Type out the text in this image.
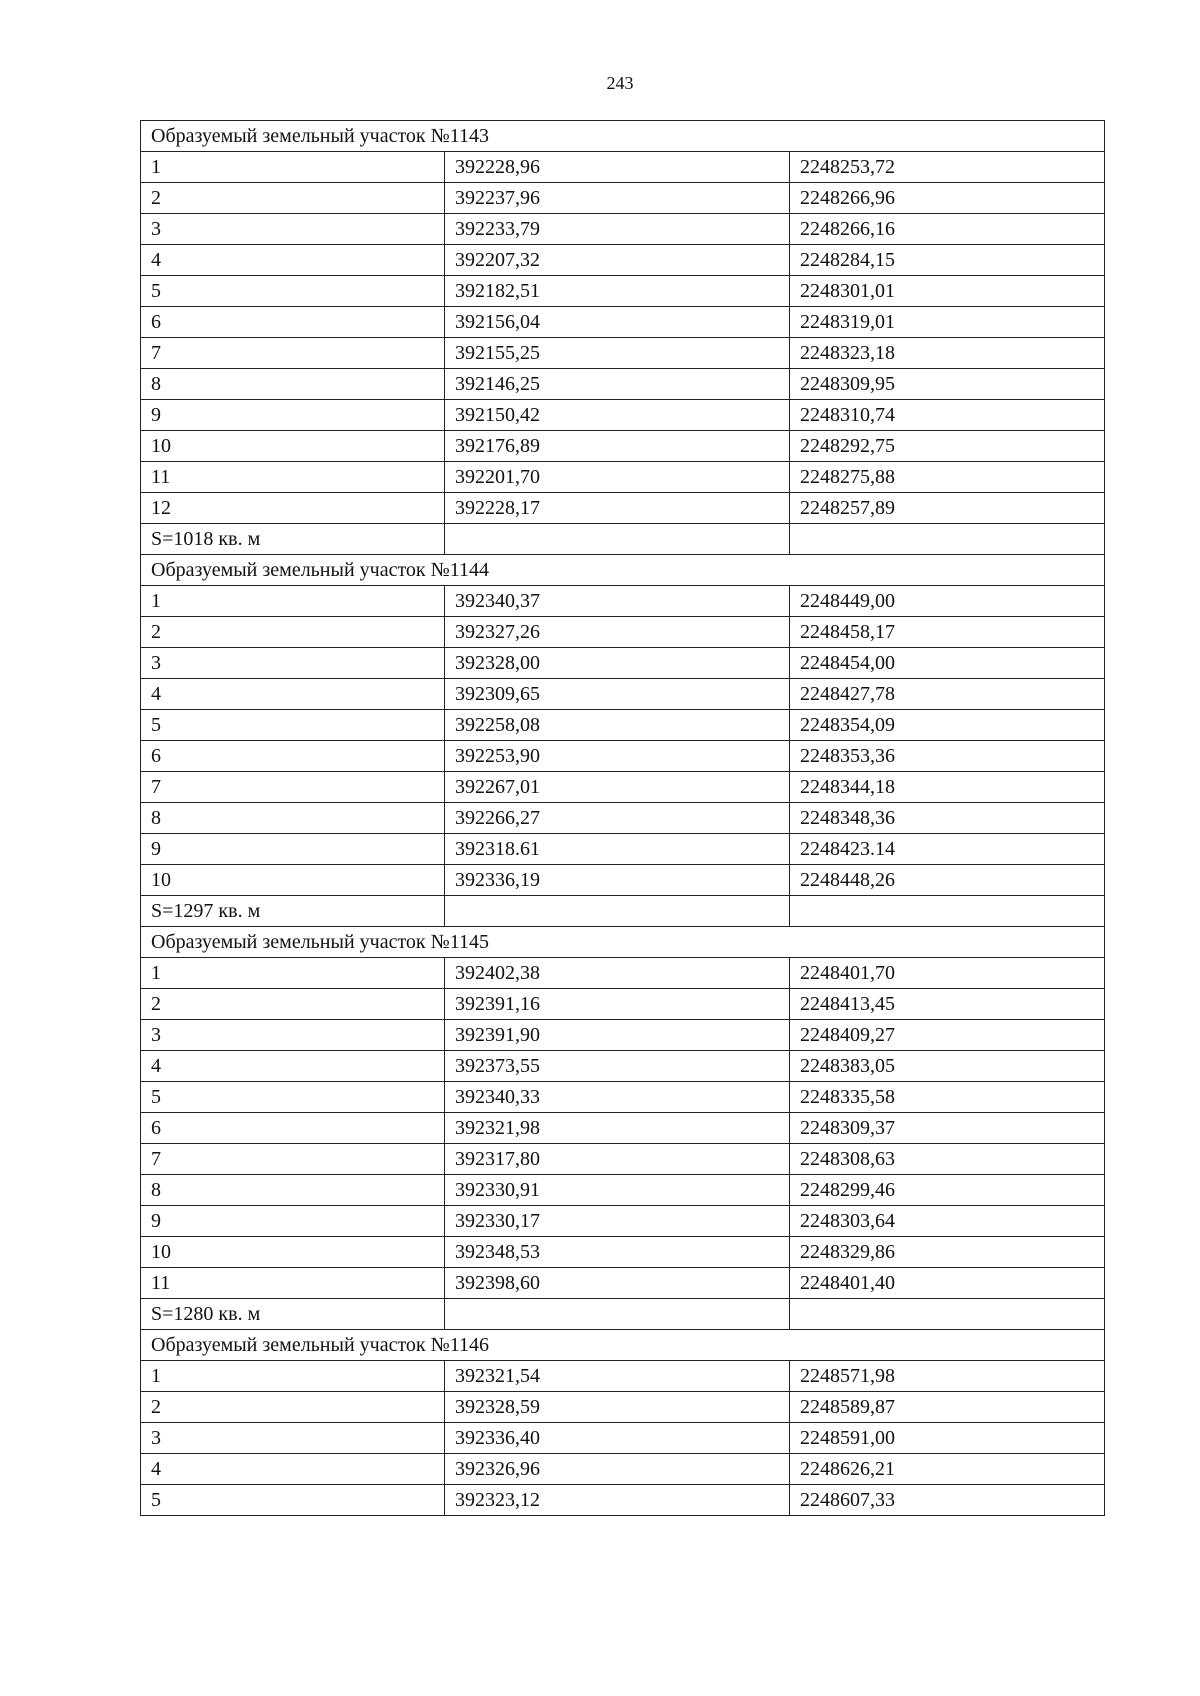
243
Образуемый земельный участок №1143		
1	392228,96	2248253,72
2	392237,96	2248266,96
3	392233,79	2248266,16
4	392207,32	2248284,15
5	392182,51	2248301,01
6	392156,04	2248319,01
7	392155,25	2248323,18
8	392146,25	2248309,95
9	392150,42	2248310,74
10	392176,89	2248292,75
11	392201,70	2248275,88
12	392228,17	2248257,89
S=1018 кв. м		
Образуемый земельный участок №1144		
1	392340,37	2248449,00
2	392327,26	2248458,17
3	392328,00	2248454,00
4	392309,65	2248427,78
5	392258,08	2248354,09
6	392253,90	2248353,36
7	392267,01	2248344,18
8	392266,27	2248348,36
9	392318.61	2248423.14
10	392336,19	2248448,26
S=1297 кв. м		
Образуемый земельный участок №1145		
1	392402,38	2248401,70
2	392391,16	2248413,45
3	392391,90	2248409,27
4	392373,55	2248383,05
5	392340,33	2248335,58
6	392321,98	2248309,37
7	392317,80	2248308,63
8	392330,91	2248299,46
9	392330,17	2248303,64
10	392348,53	2248329,86
11	392398,60	2248401,40
S=1280 кв. м		
Образуемый земельный участок №1146		
1	392321,54	2248571,98
2	392328,59	2248589,87
3	392336,40	2248591,00
4	392326,96	2248626,21
5	392323,12	2248607,33
